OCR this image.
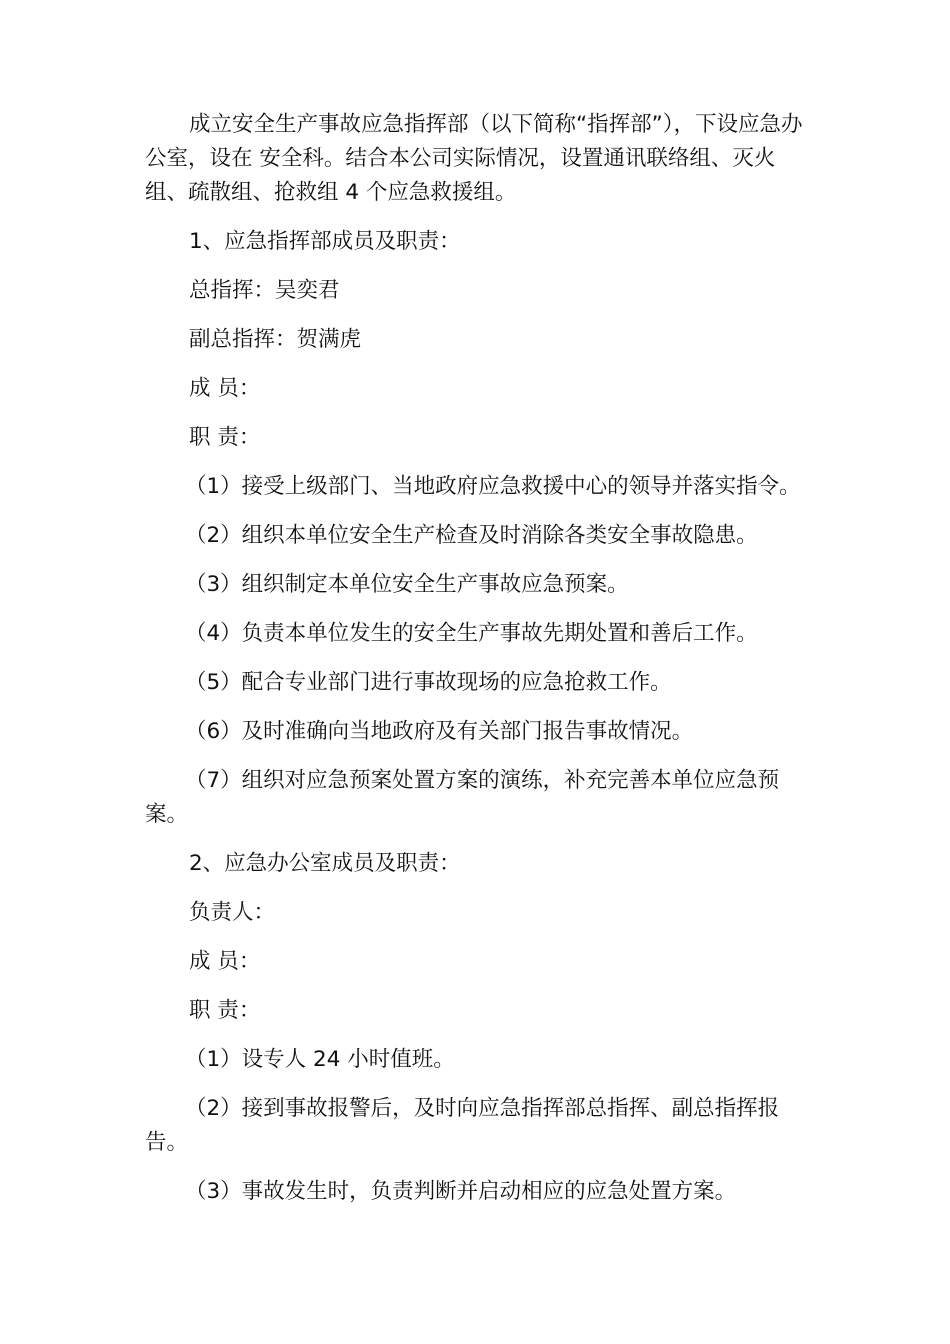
成立安全生产事故应急指挥部（以下简称“指挥部”），下设应急办公室，设在 安全科。结合本公司实际情况，设置通讯联络组、灭火组、疏散组、抢救组 4 个应急救援组。

1、应急指挥部成员及职责：

总指挥：吴奕君

副总指挥：贺满虎

成 员：

职 责：

（1）接受上级部门、当地政府应急救援中心的领导并落实指令。

（2）组织本单位安全生产检查及时消除各类安全事故隐患。

（3）组织制定本单位安全生产事故应急预案。

（4）负责本单位发生的安全生产事故先期处置和善后工作。

（5）配合专业部门进行事故现场的应急抢救工作。

（6）及时准确向当地政府及有关部门报告事故情况。

（7）组织对应急预案处置方案的演练，补充完善本单位应急预案。

2、应急办公室成员及职责：

负责人：

成 员：

职 责：

（1）设专人 24 小时值班。

（2）接到事故报警后，及时向应急指挥部总指挥、副总指挥报告。

（3）事故发生时，负责判断并启动相应的应急处置方案。
